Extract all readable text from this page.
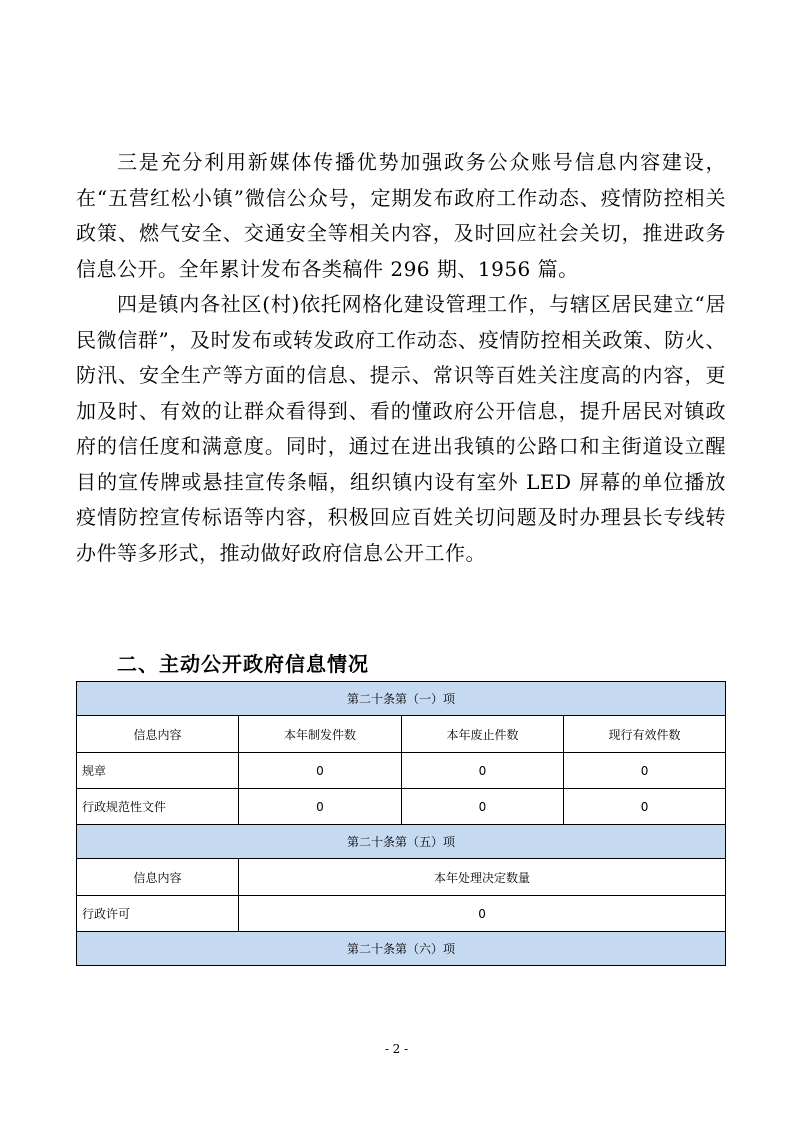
三是充分利用新媒体传播优势加强政务公众账号信息内容建设，在“五营红松小镇”微信公众号，定期发布政府工作动态、疫情防控相关政策、燃气安全、交通安全等相关内容，及时回应社会关切，推进政务信息公开。全年累计发布各类稿件 296 期、1956 篇。

四是镇内各社区(村)依托网格化建设管理工作，与辖区居民建立“居民微信群”，及时发布或转发政府工作动态、疫情防控相关政策、防火、防汛、安全生产等方面的信息、提示、常识等百姓关注度高的内容，更加及时、有效的让群众看得到、看的懂政府公开信息，提升居民对镇政府的信任度和满意度。同时，通过在进出我镇的公路口和主街道设立醒目的宣传牌或悬挂宣传条幅，组织镇内设有室外 LED 屏幕的单位播放疫情防控宣传标语等内容，积极回应百姓关切问题及时办理县长专线转办件等多形式，推动做好政府信息公开工作。

二、主动公开政府信息情况
第二十条第（一）项			
信息内容	本年制发件数	本年废止件数	现行有效件数
规章	0	0	0
行政规范性文件	0	0	0
第二十条第（五）项			
信息内容	本年处理决定数量		
行政许可	0		
第二十条第（六）项			
- 2 -
